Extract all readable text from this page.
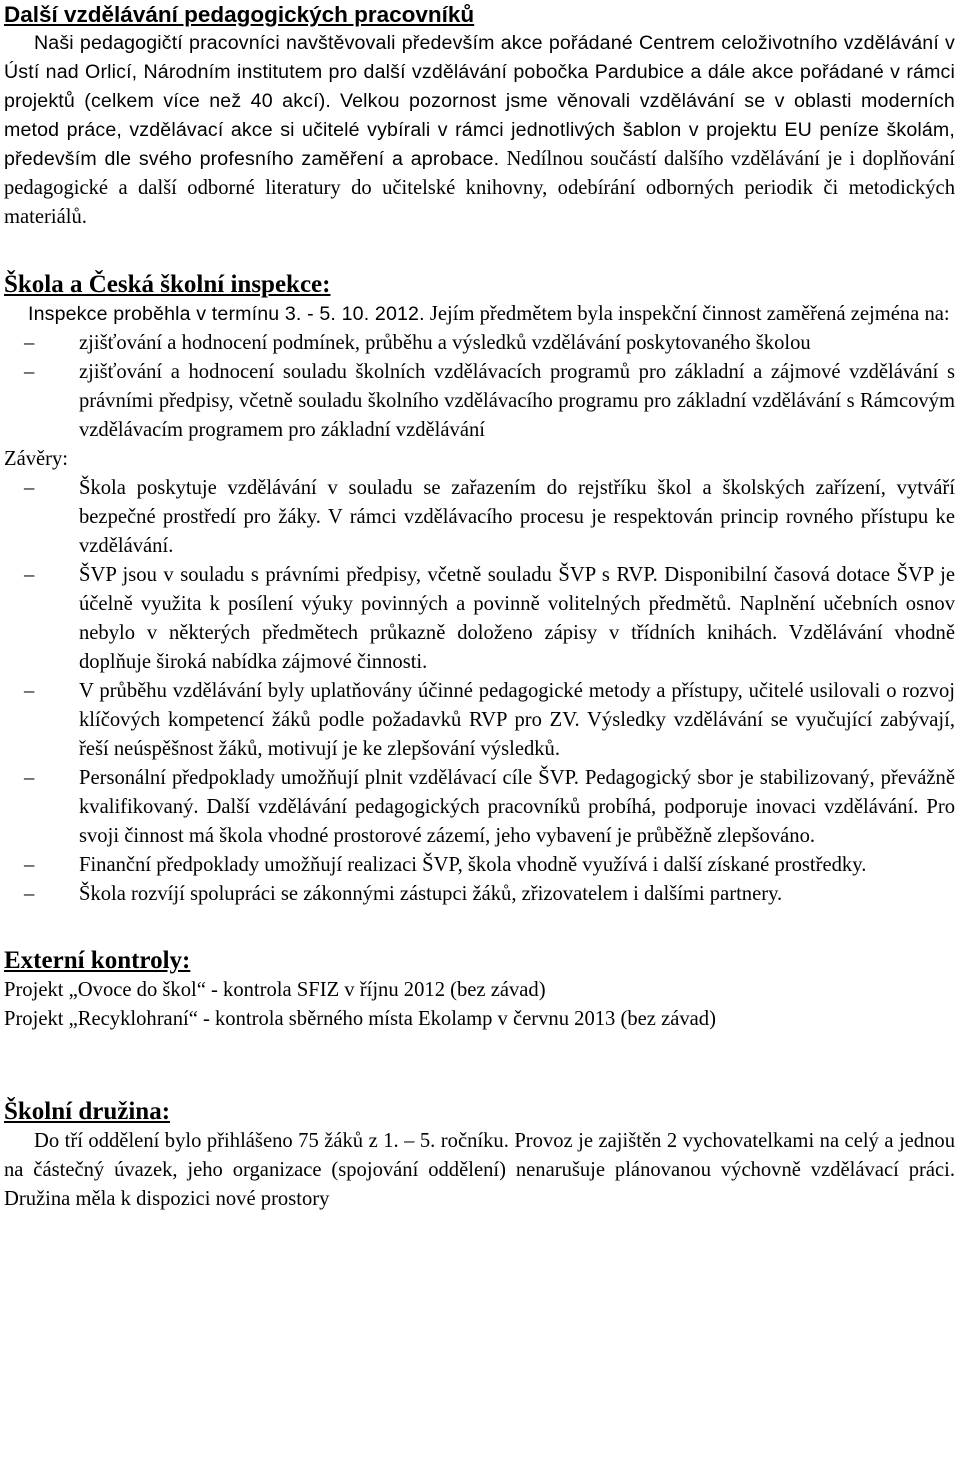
Další vzdělávání pedagogických pracovníků

Naši pedagogičtí pracovníci navštěvovali především akce pořádané Centrem celoživotního vzdělávání v Ústí nad Orlicí, Národním institutem pro další vzdělávání pobočka Pardubice a dále akce pořádané v rámci projektů (celkem více než 40 akcí). Velkou pozornost jsme věnovali vzdělávání se v oblasti moderních metod práce, vzdělávací akce si učitelé vybírali v rámci jednotlivých šablon v projektu EU peníze školám, především dle svého profesního zaměření a aprobace. Nedílnou součástí dalšího vzdělávání je i doplňování pedagogické a další odborné literatury do učitelské knihovny, odebírání odborných periodik či metodických materiálů.

Škola a Česká školní inspekce:

Inspekce proběhla v termínu 3. - 5. 10. 2012. Jejím předmětem byla inspekční činnost zaměřená zejména na:

– zjišťování a hodnocení podmínek, průběhu a výsledků vzdělávání poskytovaného školou
– zjišťování a hodnocení souladu školních vzdělávacích programů pro základní a zájmové vzdělávání s právními předpisy, včetně souladu školního vzdělávacího programu pro základní vzdělávání s Rámcovým vzdělávacím programem pro základní vzdělávání

Závěry:

– Škola poskytuje vzdělávání v souladu se zařazením do rejstříku škol a školských zařízení, vytváří bezpečné prostředí pro žáky. V rámci vzdělávacího procesu je respektován princip rovného přístupu ke vzdělávání.
– ŠVP jsou v souladu s právními předpisy, včetně souladu ŠVP s RVP. Disponibilní časová dotace ŠVP je účelně využita k posílení výuky povinných a povinně volitelných předmětů. Naplnění učebních osnov nebylo v některých předmětech průkazně doloženo zápisy v třídních knihách. Vzdělávání vhodně doplňuje široká nabídka zájmové činnosti.
– V průběhu vzdělávání byly uplatňovány účinné pedagogické metody a přístupy, učitelé usilovali o rozvoj klíčových kompetencí žáků podle požadavků RVP pro ZV. Výsledky vzdělávání se vyučující zabývají, řeší neúspěšnost žáků, motivují je ke zlepšování výsledků.
– Personální předpoklady umožňují plnit vzdělávací cíle ŠVP. Pedagogický sbor je stabilizovaný, převážně kvalifikovaný. Další vzdělávání pedagogických pracovníků probíhá, podporuje inovaci vzdělávání. Pro svoji činnost má škola vhodné prostorové zázemí, jeho vybavení je průběžně zlepšováno.
– Finanční předpoklady umožňují realizaci ŠVP, škola vhodně využívá i další získané prostředky.
– Škola rozvíjí spolupráci se zákonnými zástupci žáků, zřizovatelem i dalšími partnery.
Externí kontroly:

Projekt „Ovoce do škol“ - kontrola SFIZ v říjnu 2012 (bez závad)

Projekt „Recyklohraní“ - kontrola sběrného místa Ekolamp v červnu 2013 (bez závad)

Školní družina:

Do tří oddělení bylo přihlášeno 75 žáků z 1. – 5. ročníku. Provoz je zajištěn 2 vychovatelkami na celý a jednou na částečný úvazek, jeho organizace (spojování oddělení) nenarušuje plánovanou výchovně vzdělávací práci. Družina měla k dispozici nové prostory
